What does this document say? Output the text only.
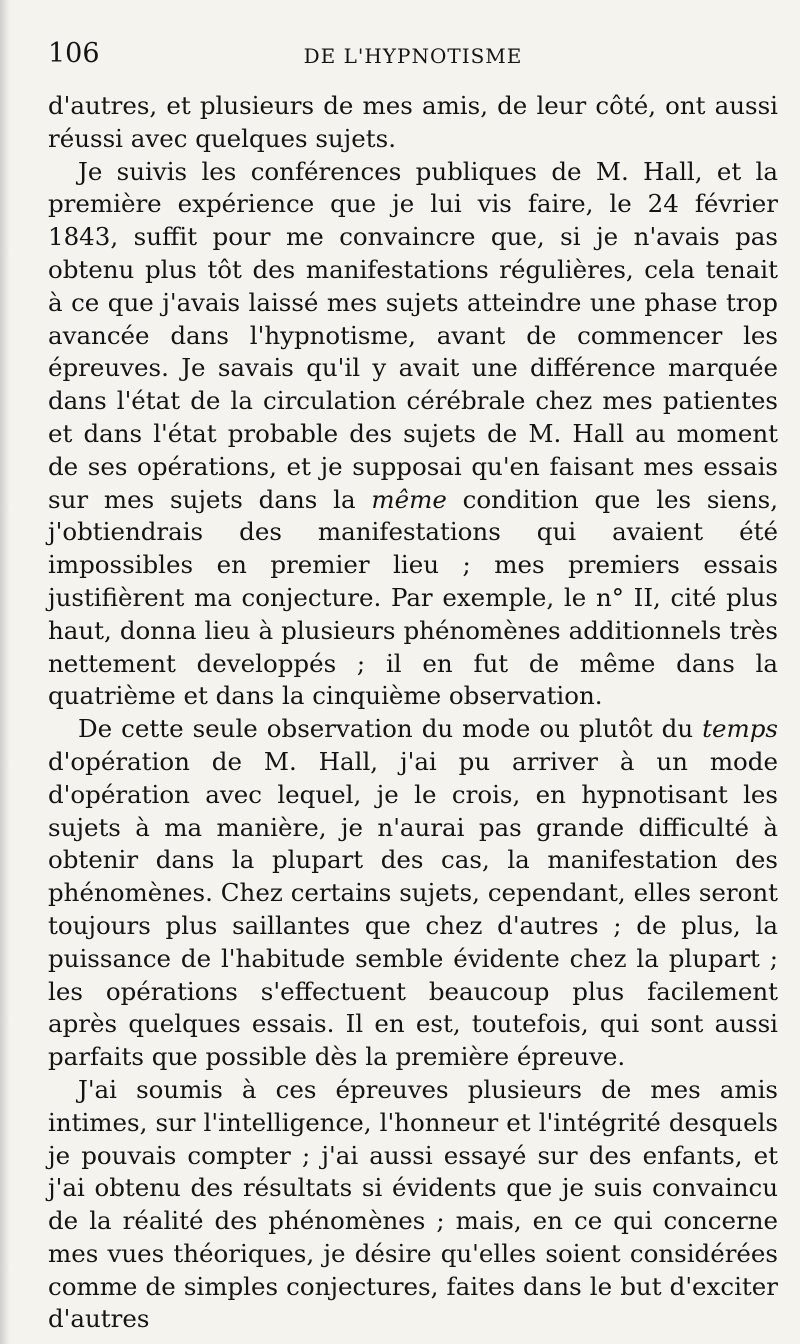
106	DE L'HYPNOTISME

d'autres, et plusieurs de mes amis, de leur côté, ont aussi réussi avec quelques sujets.

Je suivis les conférences publiques de M. Hall, et la première expérience que je lui vis faire, le 24 février 1843, suffit pour me convaincre que, si je n'avais pas obtenu plus tôt des manifestations régulières, cela tenait à ce que j'avais laissé mes sujets atteindre une phase trop avancée dans l'hypnotisme, avant de commencer les épreuves. Je savais qu'il y avait une différence marquée dans l'état de la circulation cérébrale chez mes patientes et dans l'état probable des sujets de M. Hall au moment de ses opérations, et je supposai qu'en faisant mes essais sur mes sujets dans la même condition que les siens, j'obtiendrais des manifestations qui avaient été impossibles en premier lieu ; mes premiers essais justifièrent ma conjecture. Par exemple, le n° II, cité plus haut, donna lieu à plusieurs phénomènes additionnels très nettement developpés ; il en fut de même dans la quatrième et dans la cinquième observation.

De cette seule observation du mode ou plutôt du temps d'opération de M. Hall, j'ai pu arriver à un mode d'opération avec lequel, je le crois, en hypnotisant les sujets à ma manière, je n'aurai pas grande difficulté à obtenir dans la plupart des cas, la manifestation des phénomènes. Chez certains sujets, cependant, elles seront toujours plus saillantes que chez d'autres ; de plus, la puissance de l'habitude semble évidente chez la plupart ; les opérations s'effectuent beaucoup plus facilement après quelques essais. Il en est, toutefois, qui sont aussi parfaits que possible dès la première épreuve.

J'ai soumis à ces épreuves plusieurs de mes amis intimes, sur l'intelligence, l'honneur et l'intégrité desquels je pouvais compter ; j'ai aussi essayé sur des enfants, et j'ai obtenu des résultats si évidents que je suis convaincu de la réalité des phénomènes ; mais, en ce qui concerne mes vues théoriques, je désire qu'elles soient considérées comme de simples conjectures, faites dans le but d'exciter d'autres
